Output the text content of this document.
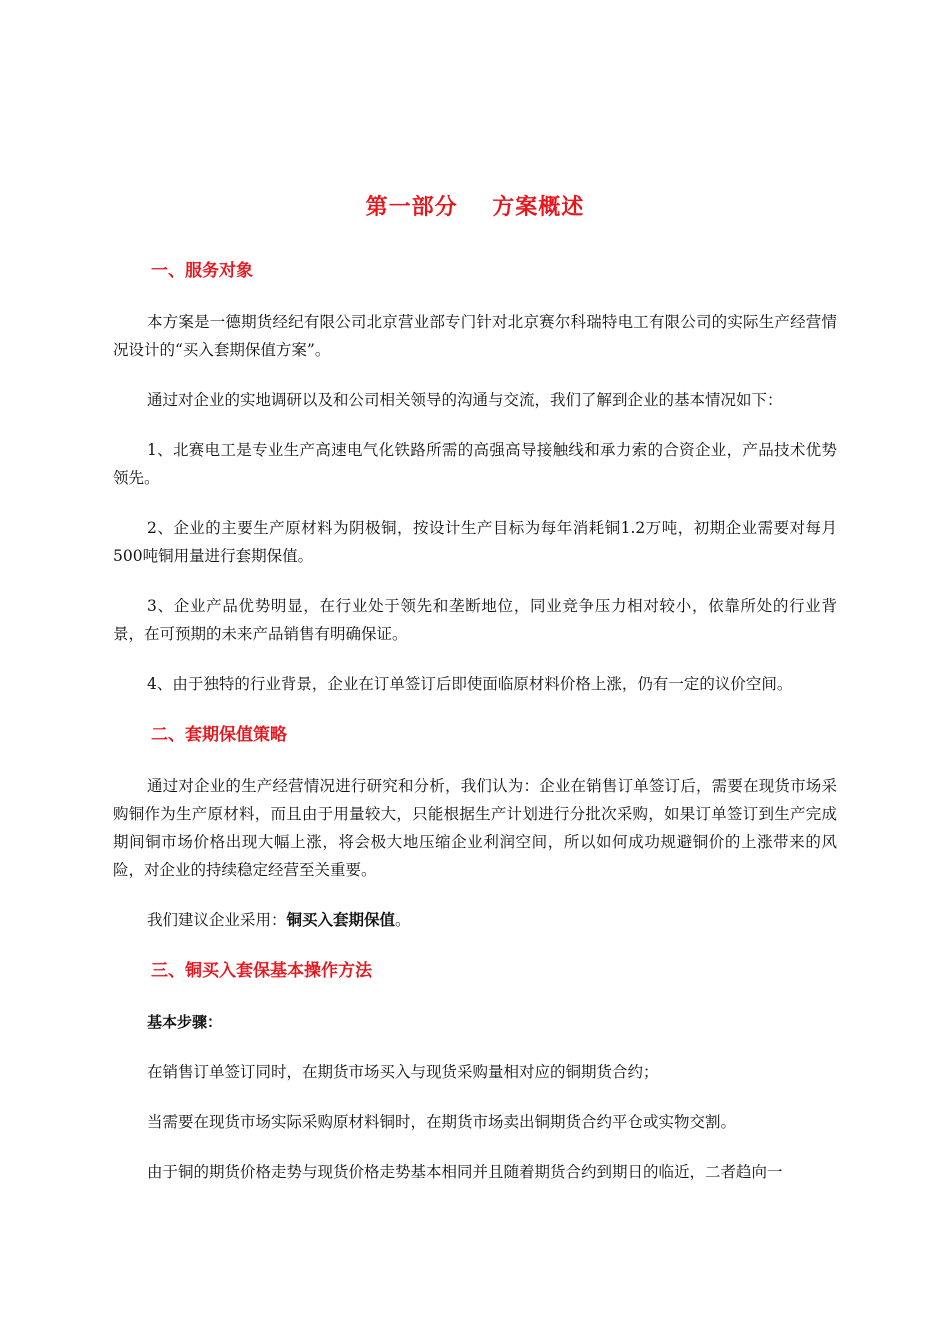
第一部分    方案概述
一、服务对象

本方案是一德期货经纪有限公司北京营业部专门针对北京赛尔科瑞特电工有限公司的实际生产经营情况设计的“买入套期保值方案”。

通过对企业的实地调研以及和公司相关领导的沟通与交流，我们了解到企业的基本情况如下：

1、北赛电工是专业生产高速电气化铁路所需的高强高导接触线和承力索的合资企业，产品技术优势领先。

2、企业的主要生产原材料为阴极铜，按设计生产目标为每年消耗铜1.2万吨，初期企业需要对每月500吨铜用量进行套期保值。

3、企业产品优势明显，在行业处于领先和垄断地位，同业竞争压力相对较小，依靠所处的行业背景，在可预期的未来产品销售有明确保证。

4、由于独特的行业背景，企业在订单签订后即使面临原材料价格上涨，仍有一定的议价空间。

二、套期保值策略

通过对企业的生产经营情况进行研究和分析，我们认为：企业在销售订单签订后，需要在现货市场采购铜作为生产原材料，而且由于用量较大，只能根据生产计划进行分批次采购，如果订单签订到生产完成期间铜市场价格出现大幅上涨，将会极大地压缩企业利润空间，所以如何成功规避铜价的上涨带来的风险，对企业的持续稳定经营至关重要。

我们建议企业采用：铜买入套期保值。

三、铜买入套保基本操作方法
基本步骤：

在销售订单签订同时，在期货市场买入与现货采购量相对应的铜期货合约；

当需要在现货市场实际采购原材料铜时，在期货市场卖出铜期货合约平仓或实物交割。

由于铜的期货价格走势与现货价格走势基本相同并且随着期货合约到期日的临近，二者趋向一
